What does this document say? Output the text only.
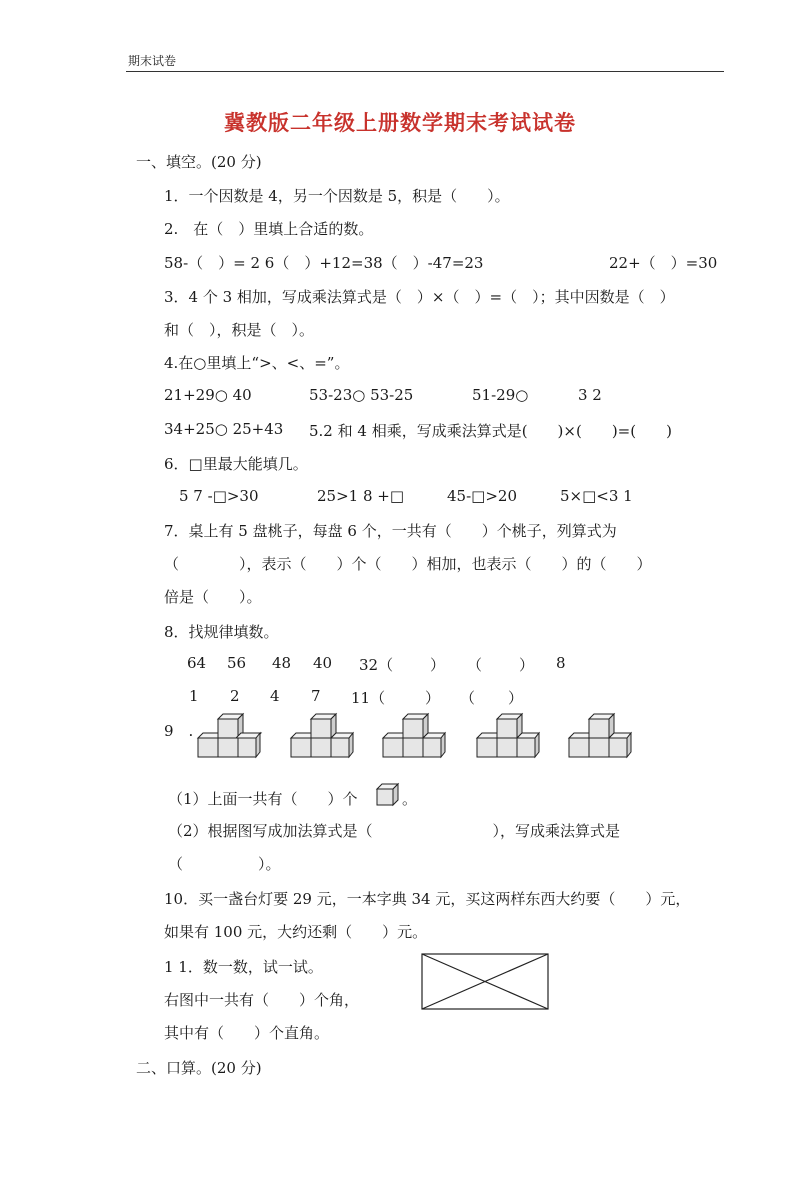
期末试卷
冀教版二年级上册数学期末考试试卷
一、填空。(20 分)
1．一个因数是 4，另一个因数是 5，积是（　　）。
2.　在（　）里填上合适的数。
58-（　）= 2 6（　）+12=38（　）-47=23	22+（　）=30
3．4 个 3 相加，写成乘法算式是（　）×（　）=（　）；其中因数是（　）
和（　），积是（　）。
4.在○里填上“>、<、=”。
21+29○ 40	53-23○ 53-25	51-29○	3 2
34+25○ 25+43 5.2 和 4 相乘，写成乘法算式是(　　)×(　　)=(　　)
6．□里最大能填几。
5 7 -□>30	25>1 8 +□	45-□>20	5×□<3 1
7．桌上有 5 盘桃子，每盘 6 个，一共有（　　）个桃子，列算式为
（　　　　），表示（　　）个（　　）相加，也表示（　　）的（　　）
倍是（　　）。
8．找规律填数。
64 56 48 40 32（ ） （ ） 8
1 2 4 7 11（	） （ ）
9　.
（1）上面一共有（　　）个	。
（2）根据图写成加法算式是（　　　　　　　　），写成乘法算式是
（　　　　　）。
10．买一盏台灯要 29 元，一本字典 34 元，买这两样东西大约要（　　）元，
如果有 100 元，大约还剩（　　）元。
1 1．数一数，试一试。
右图中一共有（　　）个角，
其中有（　　）个直角。
二、口算。(20 分)
